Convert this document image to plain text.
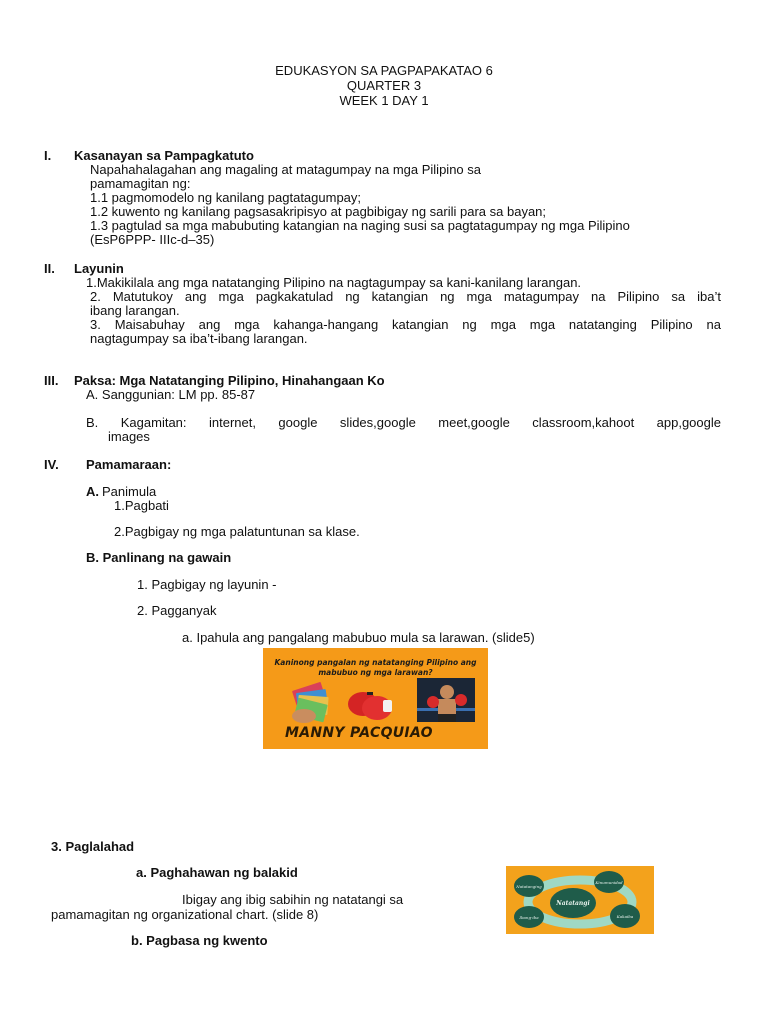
EDUKASYON SA PAGPAPAKATAO 6
QUARTER 3
WEEK 1 DAY 1
I. Kasanayan sa Pampagkatuto
Napahahalagahan ang magaling at matagumpay na mga Pilipino sa
pamamagitan ng:
1.1 pagmomodelo ng kanilang pagtatagumpay;
1.2 kuwento ng kanilang pagsasakripisyo at pagbibigay ng sarili para sa bayan;
1.3 pagtulad sa mga mabubuting katangian na naging susi sa pagtatagumpay ng mga Pilipino
(EsP6PPP- IIIc-d–35)
II. Layunin
1.Makikilala ang mga natatanging Pilipino na nagtagumpay sa kani-kanilang larangan.
2. Matutukoy ang mga pagkakatulad ng katangian ng mga matagumpay na Pilipino sa iba’t
ibang larangan.
3. Maisabuhay ang mga kahanga-hangang katangian ng mga mga natatanging Pilipino na
nagtagumpay sa iba’t-ibang larangan.
III. Paksa: Mga Natatanging Pilipino, Hinahangaan Ko
A. Sanggunian: LM pp. 85-87
B. Kagamitan: internet, google slides,google meet,google classroom,kahoot app,google
images
IV. Pamamaraan:
A. Panimula
1.Pagbati
2.Pagbigay ng mga palatuntunan sa klase.
B. Panlinang na gawain
1. Pagbigay ng layunin -
2. Pagganyak
a. Ipahula ang pangalang mabubuo mula sa larawan. (slide5)
Kaninong pangalan ng natatanging Pilipino ang mabubuo ng mga larawan?
MANNY PACQUIAO
3. Paglalahad
a. Paghahawan ng balakid
Ibigay ang ibig sabihin ng natatangi sa
pamamagitan ng organizational chart. (slide 8)
b. Pagbasa ng kwento
Natatanging
Kinumunidad
Ibang-iba	Kakaiba
Natatangi
